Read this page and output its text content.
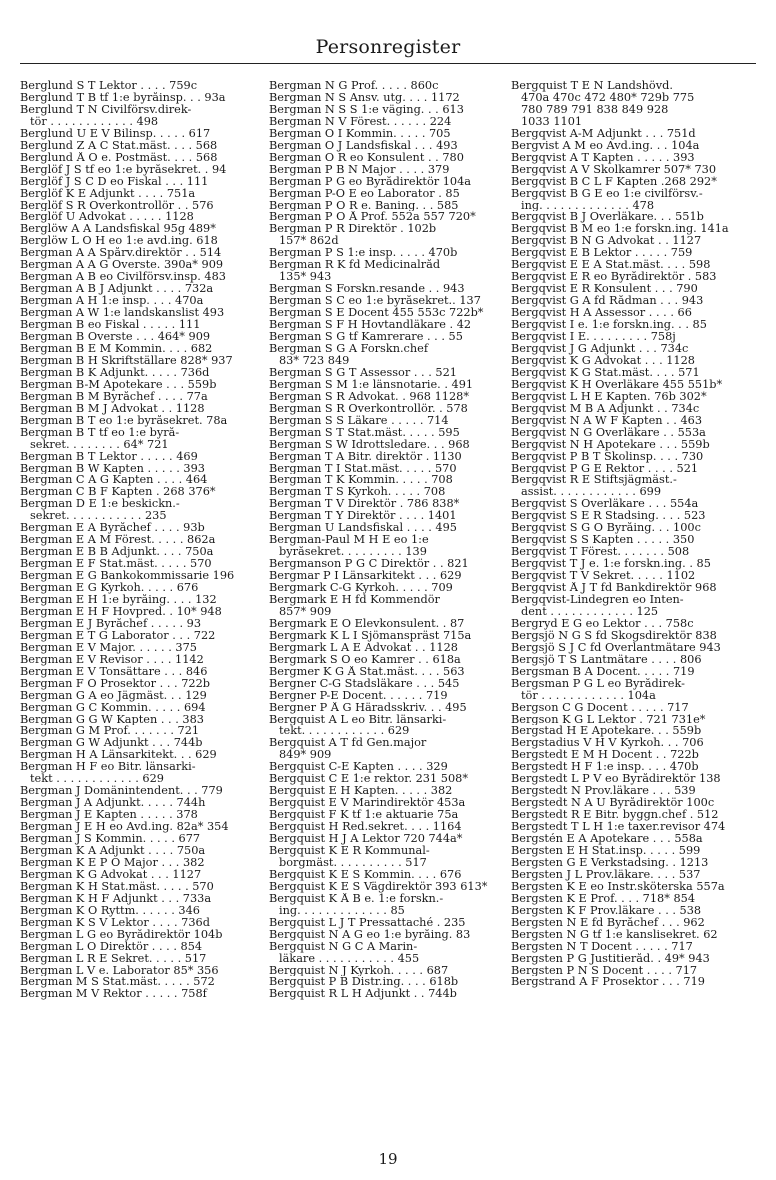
Personregister
Berglund S T Lektor . . . . 759c
Berglund T B tf 1:e byråinsp. . . 93a
Berglund T N Civilförsv.direk-
tör . . . . . . . . . . . . 498
Berglund U E V Bilinsp. . . . . 617
Berglund Z A C Stat.mäst. . . . 568
Berglund Å O e. Postmäst. . . . 568
Berglöf J S tf eo 1:e byråsekret. . 94
Berglöf J S C D eo Fiskal . . . 111
Berglöf K E Adjunkt . . . . 751a
Berglöf S R Överkontrollör . . 576
Berglöf U Advokat . . . . . 1128
Berglöw A A Landsfiskal 95g 489*
Berglöw L O H eo 1:e avd.ing. 618
Bergman A A Spårv.direktör . . 514
Bergman A A G Överste. 390a* 909
Bergman A B eo Civilförsv.insp. 483
Bergman A B J Adjunkt . . . . 732a
Bergman A H 1:e insp. . . . 470a
Bergman A W 1:e landskanslist 493
Bergman B eo Fiskal . . . . . 111
Bergman B Överste . . . 464* 909
Bergman B E M Kommin. . . . 682
Bergman B H Skriftställare 828* 937
Bergman B K Adjunkt. . . . . 736d
Bergman B-M Apotekare . . . 559b
Bergman B M Byråchef . . . . 77a
Bergman B M J Advokat . . 1128
Bergman B T eo 1:e byråsekret. 78a
Bergman B T tf eo 1:e byrå-
sekret. . . . . . . . 64* 721
Bergman B T Lektor . . . . . 469
Bergman B W Kapten . . . . . 393
Bergman C A G Kapten . . . . 464
Bergman C B F Kapten . 268 376*
Bergman D E 1:e beskickn.-
sekret. . . . . . . . . . . 235
Bergman E A Byråchef . . . . 93b
Bergman E A M Förest. . . . . 862a
Bergman E B B Adjunkt. . . . 750a
Bergman E F Stat.mäst. . . . . 570
Bergman E G Bankokommissarie 196
Bergman E G Kyrkoh. . . . . 676
Bergman E H 1:e byråing. . . . 132
Bergman E H F Hovpred. . 10* 948
Bergman E J Byråchef . . . . . 93
Bergman E T G Laborator . . . 722
Bergman E V Major. . . . . . 375
Bergman E V Revisor . . . . 1142
Bergman E V Tonsättare . . . 846
Bergman F O Prosektor . . . 722b
Bergman G A eo Jägmäst. . . 129
Bergman G C Kommin. . . . . 694
Bergman G G W Kapten . . . 383
Bergman G M Prof. . . . . . . 721
Bergman G W Adjunkt . . . 744b
Bergman H A Länsarkitekt. . . 629
Bergman H F eo Bitr. länsarki-
tekt . . . . . . . . . . . . 629
Bergman J Domänintendent. . . 779
Bergman J A Adjunkt. . . . . 744h
Bergman J E Kapten . . . . . 378
Bergman J E H eo Avd.ing. 82a* 354
Bergman J S Kommin. . . . . 677
Bergman K A Adjunkt . . . . 750a
Bergman K E P O Major . . . 382
Bergman K G Advokat . . . 1127
Bergman K H Stat.mäst. . . . . 570
Bergman K H F Adjunkt . . . 733a
Bergman K O Ryttm. . . . . . 346
Bergman K S V Lektor . . . . 736d
Bergman L G eo Byrådirektör 104b
Bergman L O Direktör . . . . 854
Bergman L R E Sekret. . . . . 517
Bergman L V e. Laborator 85* 356
Bergman M S Stat.mäst. . . . . 572
Bergman M V Rektor . . . . . 758f
Bergman N G Prof. . . . . 860c
Bergman N S Ansv. utg. . . . 1172
Bergman N S S 1:e väging. . . 613
Bergman N V Förest. . . . . . 224
Bergman O I Kommin. . . . . 705
Bergman O J Landsfiskal . . . 493
Bergman O R eo Konsulent . . 780
Bergman P B N Major . . . . 379
Bergman P G eo Byrådirektör 104a
Bergman P-O E eo Laborator . 85
Bergman P O R e. Baning. . . 585
Bergman P O Å Prof. 552a 557 720*
Bergman P R Direktör . 102b
157* 862d
Bergman P S 1:e insp. . . . . 470b
Bergman R K fd Medicinalråd
135* 943
Bergman S Forskn.resande . . 943
Bergman S C eo 1:e byråsekret.. 137
Bergman S E Docent 455 553c 722b*
Bergman S F H Hovtandläkare . 42
Bergman S G tf Kamrerare . . . 55
Bergman S G A Forskn.chef
83* 723 849
Bergman S G T Assessor . . . 521
Bergman S M 1:e länsnotarie. . 491
Bergman S R Advokat. . 968 1128*
Bergman S R Överkontrollör. . 578
Bergman S S Läkare . . . . . 714
Bergman S T Stat.mäst. . . . . 595
Bergman S W Idrottsledare. . . 968
Bergman T A Bitr. direktör . 1130
Bergman T I Stat.mäst. . . . . 570
Bergman T K Kommin. . . . . 708
Bergman T S Kyrkoh. . . . . 708
Bergman T V Direktör . 786 838*
Bergman T Y Direktör . . . . 1401
Bergman U Landsfiskal . . . . 495
Bergman-Paul M H E eo 1:e
byråsekret. . . . . . . . . 139
Bergmanson P G C Direktör . . 821
Bergmar P I Länsarkitekt . . . 629
Bergmark C-G Kyrkoh. . . . . 709
Bergmark E H fd Kommendör
857* 909
Bergmark E O Elevkonsulent. . 87
Bergmark K L I Sjömanspräst 715a
Bergmark L A E Advokat . . 1128
Bergmark S O eo Kamrer . . 618a
Bergmer K G Å Stat.mäst. . . . 563
Bergner C-G Stadsläkare . . . 545
Bergner P-E Docent. . . . . . 719
Bergner P Å G Häradsskriv. . . 495
Bergquist A L eo Bitr. länsarki-
tekt. . . . . . . . . . . . 629
Bergquist A T fd Gen.major
849* 909
Bergquist C-E Kapten . . . . 329
Bergquist C E 1:e rektor. 231 508*
Bergquist E H Kapten. . . . . 382
Bergquist E V Marindirektör 453a
Bergquist F K tf 1:e aktuarie 75a
Bergquist H Red.sekret. . . . 1164
Bergquist H J A Lektor 720 744a*
Bergquist K E R Kommunal-
borgmäst. . . . . . . . . . 517
Bergquist K E S Kommin. . . . 676
Bergquist K E S Vägdirektör 393 613*
Bergquist K Å B e. 1:e forskn.-
ing. . . . . . . . . . . . . 85
Bergquist L J T Pressattaché . 235
Bergquist N A G eo 1:e byråing. 83
Bergquist N G C A Marin-
läkare . . . . . . . . . . . 455
Bergquist N J Kyrkoh. . . . . 687
Bergquist P B Distr.ing. . . . 618b
Bergquist R L H Adjunkt . . 744b
Bergquist T E N Landshövd.
470a 470c 472 480* 729b 775
780 789 791 838 849 928
1033 1101
Bergqvist A-M Adjunkt . . . 751d
Bergvist A M eo Avd.ing. . . 104a
Bergqvist A T Kapten . . . . . 393
Bergqvist A V Skolkamrer 507* 730
Bergqvist B C L F Kapten .268 292*
Bergqvist B G E eo 1:e civilförsv.-
ing. . . . . . . . . . . . . 478
Bergqvist B J Överläkare. . . 551b
Bergqvist B M eo 1:e forskn.ing. 141a
Bergqvist B N G Advokat . . 1127
Bergqvist E B Lektor . . . . . 759
Bergqvist E E A Stat.mäst. . . . 598
Bergqvist E R eo Byrådirektör . 583
Bergqvist E R Konsulent . . . 790
Bergqvist G A fd Rådman . . . 943
Bergqvist H A Assessor . . . . 66
Bergqvist I e. 1:e forskn.ing. . . 85
Bergqvist I E. . . . . . . . . 758j
Bergqvist J G Adjunkt . . . 734c
Bergqvist K G Advokat . . . 1128
Bergqvist K G Stat.mäst. . . . 571
Bergqvist K H Överläkare 455 551b*
Bergqvist L H E Kapten. 76b 302*
Bergqvist M B A Adjunkt . . 734c
Bergqvist N A W F Kapten . . 463
Bergqvist N G Överläkare . . 553a
Bergqvist N H Apotekare . . . 559b
Bergqvist P B T Skolinsp. . . . 730
Bergqvist P G E Rektor . . . . 521
Bergqvist R E Stiftsjägmäst.-
assist. . . . . . . . . . . . 699
Bergqvist S Överläkare . . . 554a
Bergqvist S E R Stadsing. . . . 523
Bergqvist S G O Byråing. . . 100c
Bergqvist S S Kapten . . . . . 350
Bergqvist T Förest. . . . . . . 508
Bergqvist T J e. 1:e forskn.ing. . 85
Bergqvist T V Sekret. . . . . 1102
Bergqvist Å J T fd Bankdirektör 968
Bergqvist-Lindegren eo Inten-
dent . . . . . . . . . . . . 125
Bergryd E G eo Lektor . . . 758c
Bergsjö N G S fd Skogsdirektör 838
Bergsjö S J C fd Överlantmätare 943
Bergsjö T S Lantmätare . . . . 806
Bergsman B A Docent. . . . . 719
Bergsman P G L eo Byrådirek-
tör . . . . . . . . . . . . 104a
Bergson C G Docent . . . . . 717
Bergson K G L Lektor . 721 731e*
Bergstad H E Apotekare. . . 559b
Bergstadius V H V Kyrkoh. . . 706
Bergstedt E M H Docent . . 722b
Bergstedt H F 1:e insp. . . . 470b
Bergstedt L P V eo Byrådirektör 138
Bergstedt N Prov.läkare . . . 539
Bergstedt N A U Byrådirektör 100c
Bergstedt R E Bitr. byggn.chef . 512
Bergstedt T L H 1:e taxer.revisor 474
Bergstén E A Apotekare . . . 558a
Bergsten E H Stat.insp. . . . . 599
Bergsten G E Verkstadsing. . 1213
Bergsten J L Prov.läkare. . . . 537
Bergsten K E eo Instr.sköterska 557a
Bergsten K E Prof. . . . 718* 854
Bergsten K F Prov.läkare . . . 538
Bergsten N E fd Byråchef . . . 962
Bergsten N G tf 1:e kanslisekret. 62
Bergsten N T Docent . . . . . 717
Bergsten P G Justitieråd. . 49* 943
Bergsten P N S Docent . . . . 717
Bergstrand A F Prosektor . . . 719
19
